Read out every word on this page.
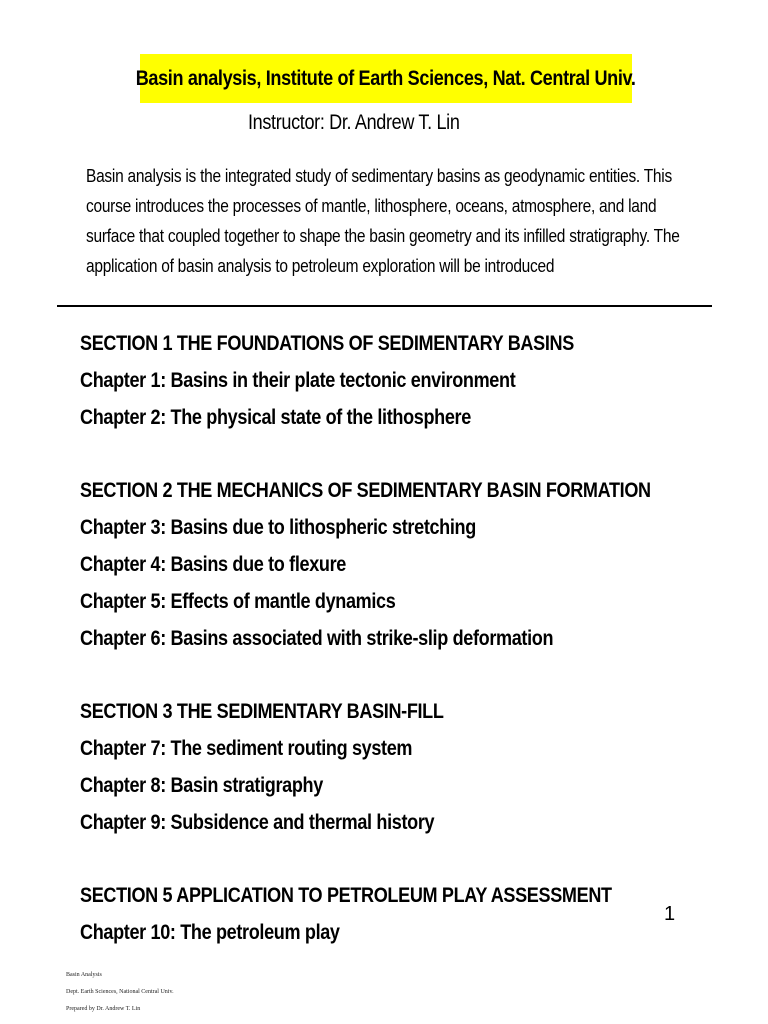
Basin analysis, Institute of Earth Sciences, Nat. Central Univ.
Instructor: Dr. Andrew T. Lin

Basin analysis is the integrated study of sedimentary basins as geodynamic entities. This

course introduces the processes of mantle, lithosphere, oceans, atmosphere, and land

surface that coupled together to shape the basin geometry and its infilled stratigraphy. The

application of basin analysis to petroleum exploration will be introduced

SECTION 1 THE FOUNDATIONS OF SEDIMENTARY BASINS
Chapter 1: Basins in their plate tectonic environment
Chapter 2: The physical state of the lithosphere
SECTION 2 THE MECHANICS OF SEDIMENTARY BASIN FORMATION
Chapter 3: Basins due to lithospheric stretching
Chapter 4: Basins due to flexure
Chapter 5: Effects of mantle dynamics
Chapter 6: Basins associated with strike-slip deformation
SECTION 3 THE SEDIMENTARY BASIN-FILL
Chapter 7: The sediment routing system
Chapter 8: Basin stratigraphy
Chapter 9: Subsidence and thermal history
SECTION 5 APPLICATION TO PETROLEUM PLAY ASSESSMENT
Chapter 10: The petroleum play
1
Basin Analysis
Dept. Earth Sciences, National Central Univ.
Prepared by Dr. Andrew T. Lin
